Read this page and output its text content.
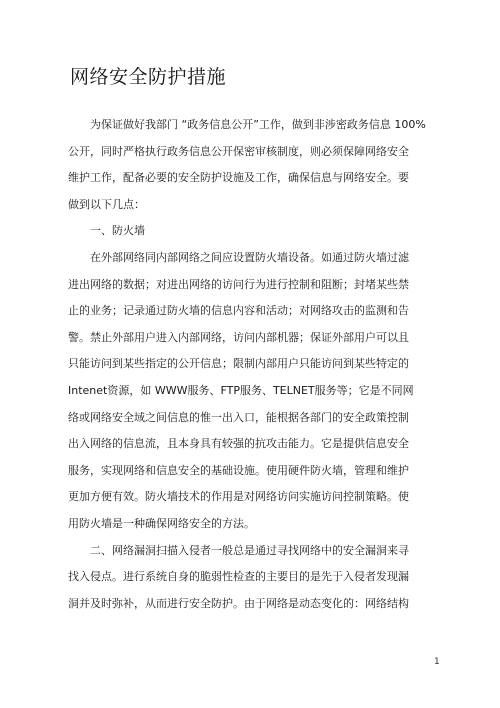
网络安全防护措施
为保证做好我部门 “政务信息公开”工作，做到非涉密政务信息 100%
公开，同时严格执行政务信息公开保密审核制度，则必须保障网络安全
维护工作，配备必要的安全防护设施及工作，确保信息与网络安全。要
做到以下几点：
一、防火墙
在外部网络同内部网络之间应设置防火墙设备。如通过防火墙过滤
进出网络的数据；对进出网络的访问行为进行控制和阻断；封堵某些禁
止的业务；记录通过防火墙的信息内容和活动；对网络攻击的监测和告
警。禁止外部用户进入内部网络，访问内部机器；保证外部用户可以且
只能访问到某些指定的公开信息；限制内部用户只能访问到某些特定的
Intenet资源，如 WWW服务、FTP服务、TELNET服务等；它是不同网
络或网络安全域之间信息的惟一出入口，能根据各部门的安全政策控制
出入网络的信息流，且本身具有较强的抗攻击能力。它是提供信息安全
服务，实现网络和信息安全的基础设施。使用硬件防火墙，管理和维护
更加方便有效。防火墙技术的作用是对网络访问实施访问控制策略。使
用防火墙是一种确保网络安全的方法。
二、网络漏洞扫描入侵者一般总是通过寻找网络中的安全漏洞来寻
找入侵点。进行系统自身的脆弱性检查的主要目的是先于入侵者发现漏
洞并及时弥补，从而进行安全防护。由于网络是动态变化的：网络结构
1
